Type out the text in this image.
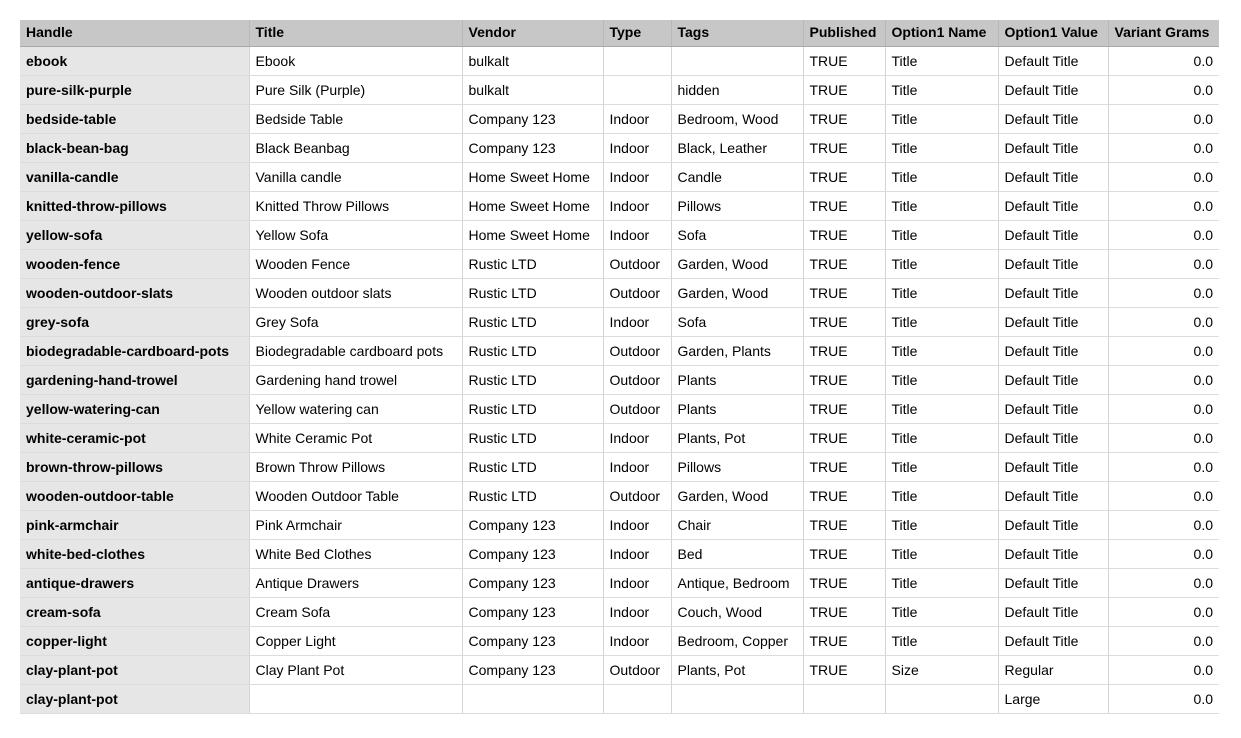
Handle	Title	Vendor	Type	Tags	Published	Option1 Name	Option1 Value	Variant Grams
ebook	Ebook	bulkalt			TRUE	Title	Default Title	0.0
pure-silk-purple	Pure Silk (Purple)	bulkalt		hidden	TRUE	Title	Default Title	0.0
bedside-table	Bedside Table	Company 123	Indoor	Bedroom, Wood	TRUE	Title	Default Title	0.0
black-bean-bag	Black Beanbag	Company 123	Indoor	Black, Leather	TRUE	Title	Default Title	0.0
vanilla-candle	Vanilla candle	Home Sweet Home	Indoor	Candle	TRUE	Title	Default Title	0.0
knitted-throw-pillows	Knitted Throw Pillows	Home Sweet Home	Indoor	Pillows	TRUE	Title	Default Title	0.0
yellow-sofa	Yellow Sofa	Home Sweet Home	Indoor	Sofa	TRUE	Title	Default Title	0.0
wooden-fence	Wooden Fence	Rustic LTD	Outdoor	Garden, Wood	TRUE	Title	Default Title	0.0
wooden-outdoor-slats	Wooden outdoor slats	Rustic LTD	Outdoor	Garden, Wood	TRUE	Title	Default Title	0.0
grey-sofa	Grey Sofa	Rustic LTD	Indoor	Sofa	TRUE	Title	Default Title	0.0
biodegradable-cardboard-pots	Biodegradable cardboard pots	Rustic LTD	Outdoor	Garden, Plants	TRUE	Title	Default Title	0.0
gardening-hand-trowel	Gardening hand trowel	Rustic LTD	Outdoor	Plants	TRUE	Title	Default Title	0.0
yellow-watering-can	Yellow watering can	Rustic LTD	Outdoor	Plants	TRUE	Title	Default Title	0.0
white-ceramic-pot	White Ceramic Pot	Rustic LTD	Indoor	Plants, Pot	TRUE	Title	Default Title	0.0
brown-throw-pillows	Brown Throw Pillows	Rustic LTD	Indoor	Pillows	TRUE	Title	Default Title	0.0
wooden-outdoor-table	Wooden Outdoor Table	Rustic LTD	Outdoor	Garden, Wood	TRUE	Title	Default Title	0.0
pink-armchair	Pink Armchair	Company 123	Indoor	Chair	TRUE	Title	Default Title	0.0
white-bed-clothes	White Bed Clothes	Company 123	Indoor	Bed	TRUE	Title	Default Title	0.0
antique-drawers	Antique Drawers	Company 123	Indoor	Antique, Bedroom	TRUE	Title	Default Title	0.0
cream-sofa	Cream Sofa	Company 123	Indoor	Couch, Wood	TRUE	Title	Default Title	0.0
copper-light	Copper Light	Company 123	Indoor	Bedroom, Copper	TRUE	Title	Default Title	0.0
clay-plant-pot	Clay Plant Pot	Company 123	Outdoor	Plants, Pot	TRUE	Size	Regular	0.0
clay-plant-pot							Large	0.0
